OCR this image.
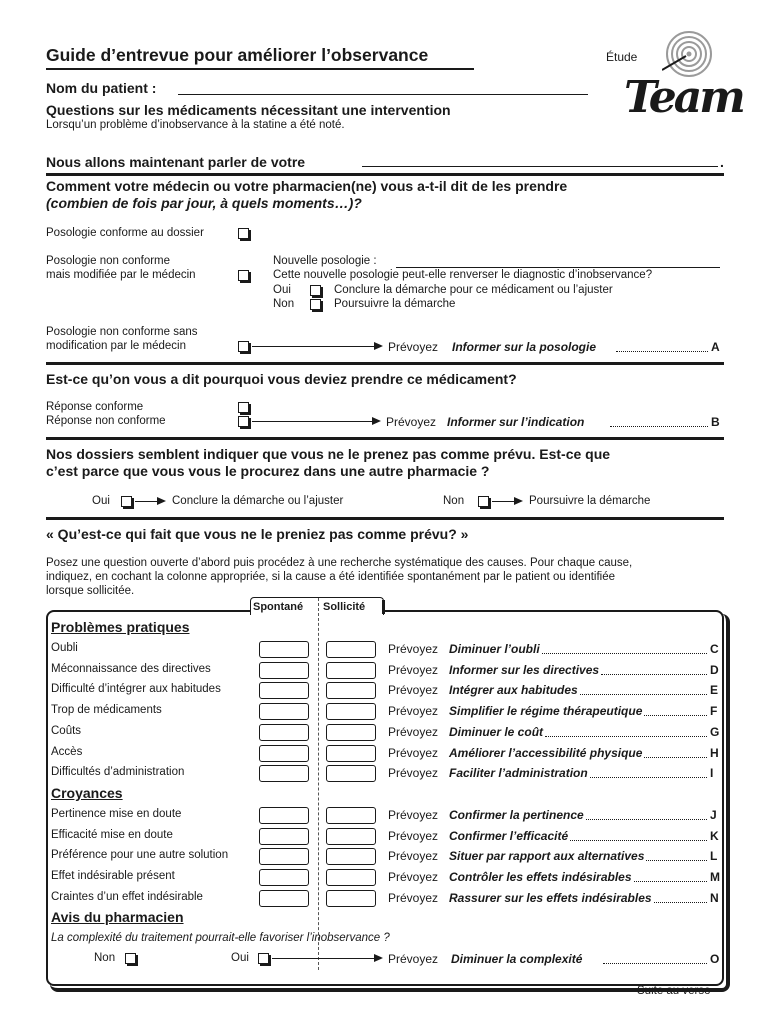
Guide d’entrevue pour améliorer l’observance	Étude
Team
Nom du patient :
Questions sur les médicaments nécessitant une intervention
Lorsqu’un problème d’inobservance à la statine a été noté.
Nous allons maintenant parler de votre	.
Comment votre médecin ou votre pharmacien(ne) vous a-t-il dit de les prendre
(combien de fois par jour, à quels moments…)?
Posologie conforme au dossier
Posologie non conforme
mais modifiée par le médecin
Nouvelle posologie :
Cette nouvelle posologie peut-elle renverser le diagnostic d’inobservance?
Oui	Conclure la démarche pour ce médicament ou l’ajuster
Non	Poursuivre la démarche
Posologie non conforme sans
modification par le médecin	Prévoyez Informer sur la posologie	A
Est-ce qu’on vous a dit pourquoi vous deviez prendre ce médicament?
Réponse conforme
Réponse non conforme	Prévoyez Informer sur l’indication	B
Nos dossiers semblent indiquer que vous ne le prenez pas comme prévu. Est-ce que
c’est parce que vous vous le procurez dans une autre pharmacie ?
Oui	Conclure la démarche ou l’ajuster	Non	Poursuivre la démarche
« Qu’est-ce qui fait que vous ne le preniez pas comme prévu? »
Posez une question ouverte d’abord puis procédez à une recherche systématique des causes. Pour chaque cause,
indiquez, en cochant la colonne appropriée, si la cause a été identifiée spontanément par le patient ou identifiée
lorsque sollicitée.
Spontané Sollicité
Problèmes pratiques
Oubli	Prévoyez Diminuer l’oubli	C
Méconnaissance des directives	Prévoyez Informer sur les directives	D
Difficulté d’intégrer aux habitudes	Prévoyez Intégrer aux habitudes	E
Trop de médicaments	Prévoyez Simplifier le régime thérapeutique	F
Coûts	Prévoyez Diminuer le coût	G
Accès	Prévoyez Améliorer l’accessibilité physique	H
Difficultés d’administration	Prévoyez Faciliter l’administration	I
Croyances
Pertinence mise en doute	Prévoyez Confirmer la pertinence	J
Efficacité mise en doute	Prévoyez Confirmer l’efficacité	K
Préférence pour une autre solution	Prévoyez Situer par rapport aux alternatives	L
Effet indésirable présent	Prévoyez Contrôler les effets indésirables	M
Craintes d’un effet indésirable	Prévoyez Rassurer sur les effets indésirables	N
Avis du pharmacien
La complexité du traitement pourrait-elle favoriser l’inobservance ?
Non	Oui	Prévoyez Diminuer la complexité	O
Suite au verso
